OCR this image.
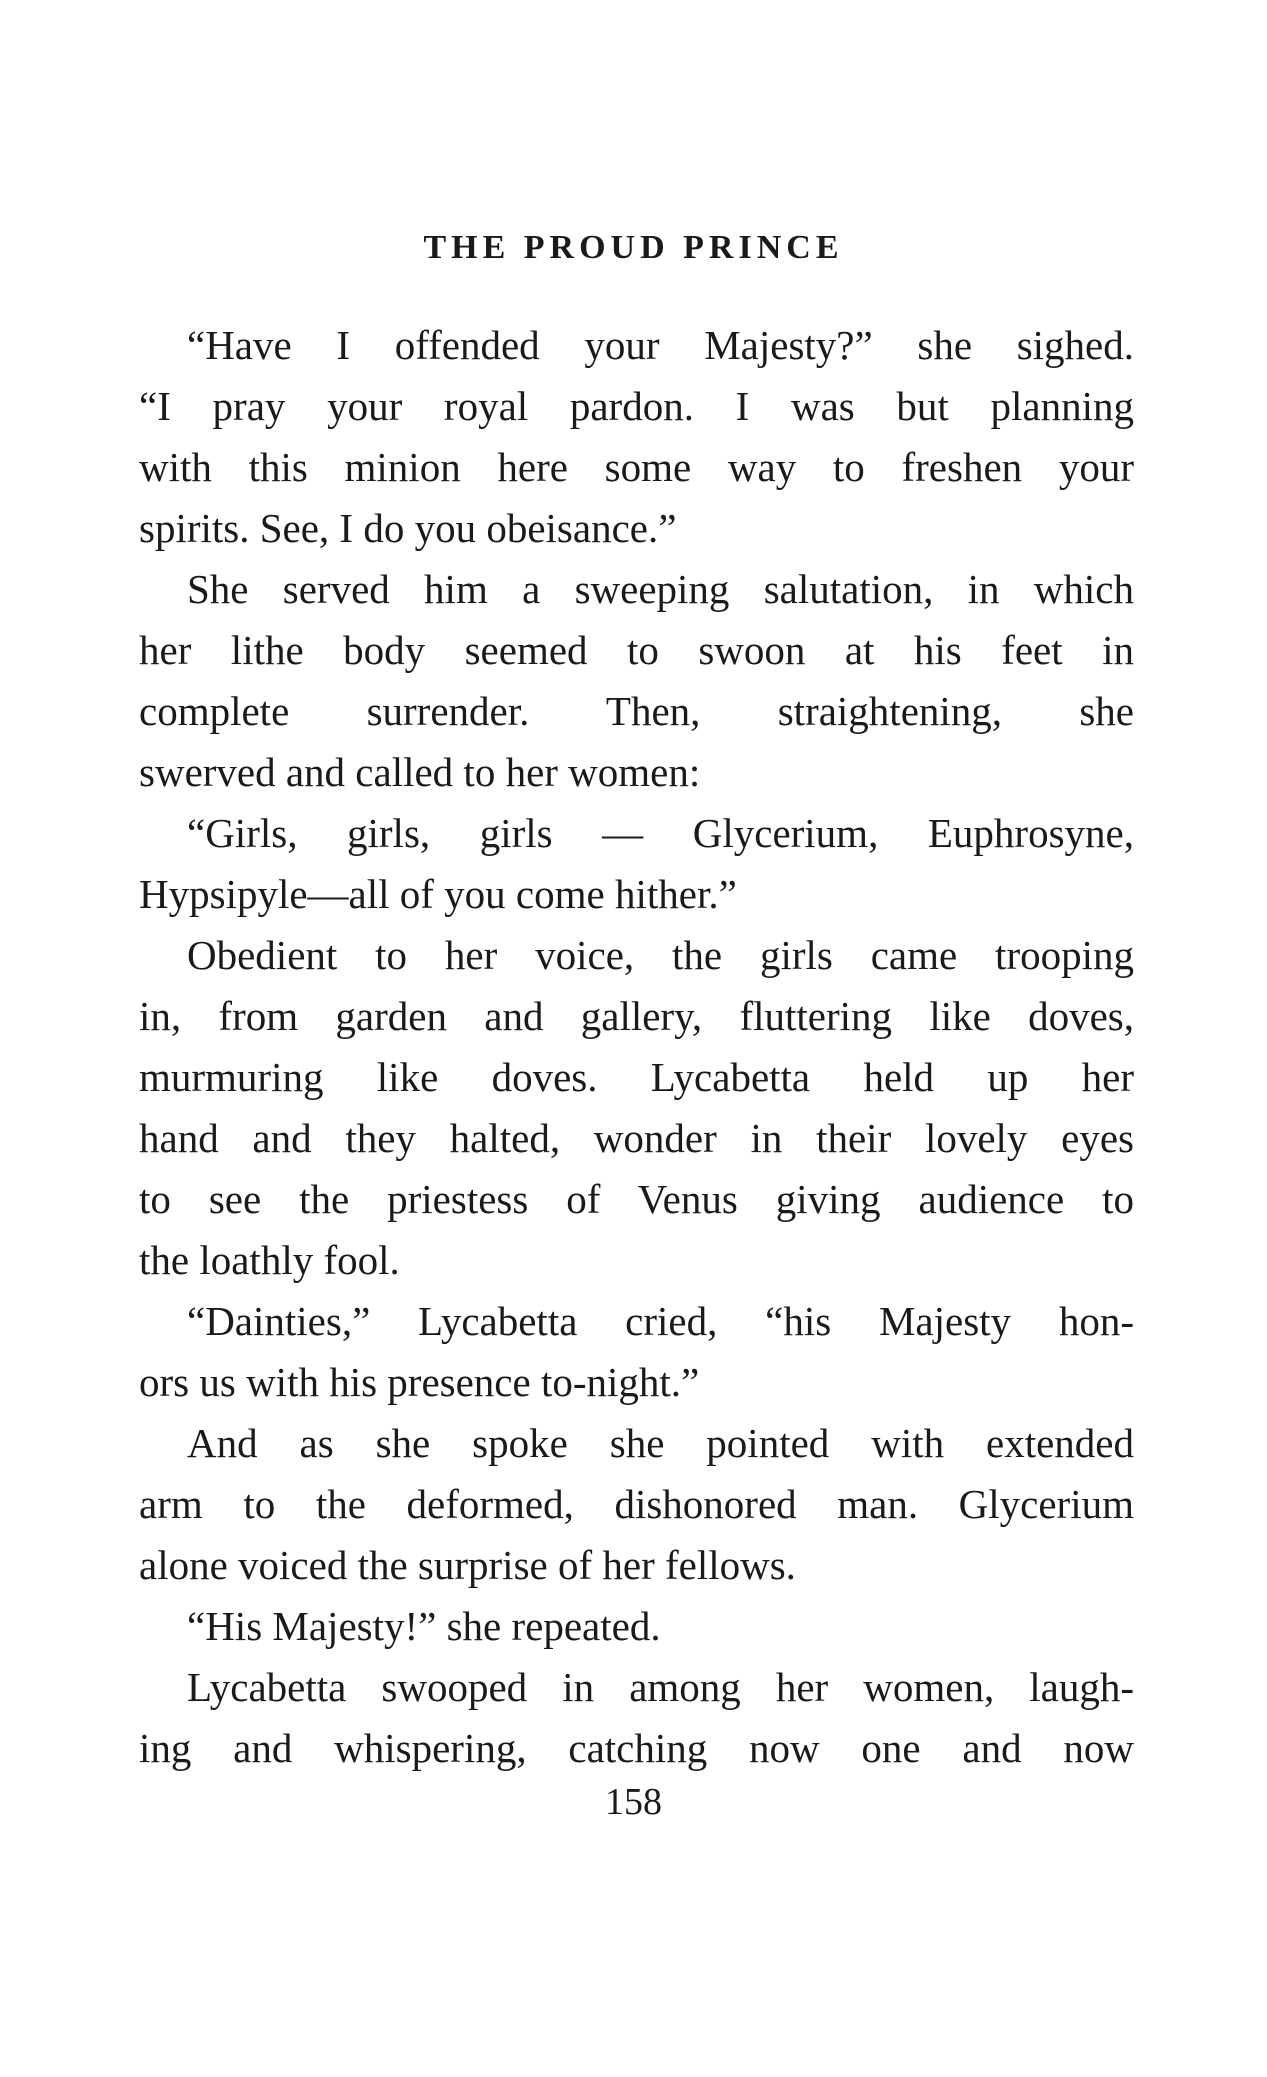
THE PROUD PRINCE
“Have I offended your Majesty?” she sighed.
“I pray your royal pardon. I was but planning
with this minion here some way to freshen your
spirits. See, I do you obeisance.”
She served him a sweeping salutation, in which
her lithe body seemed to swoon at his feet in
complete surrender. Then, straightening, she
swerved and called to her women:
“Girls, girls, girls — Glycerium, Euphrosyne,
Hypsipyle—all of you come hither.”
Obedient to her voice, the girls came trooping
in, from garden and gallery, fluttering like doves,
murmuring like doves. Lycabetta held up her
hand and they halted, wonder in their lovely eyes
to see the priestess of Venus giving audience to
the loathly fool.
“Dainties,” Lycabetta cried, “his Majesty hon-
ors us with his presence to-night.”
And as she spoke she pointed with extended
arm to the deformed, dishonored man. Glycerium
alone voiced the surprise of her fellows.
“His Majesty!” she repeated.
Lycabetta swooped in among her women, laugh-
ing and whispering, catching now one and now
158
